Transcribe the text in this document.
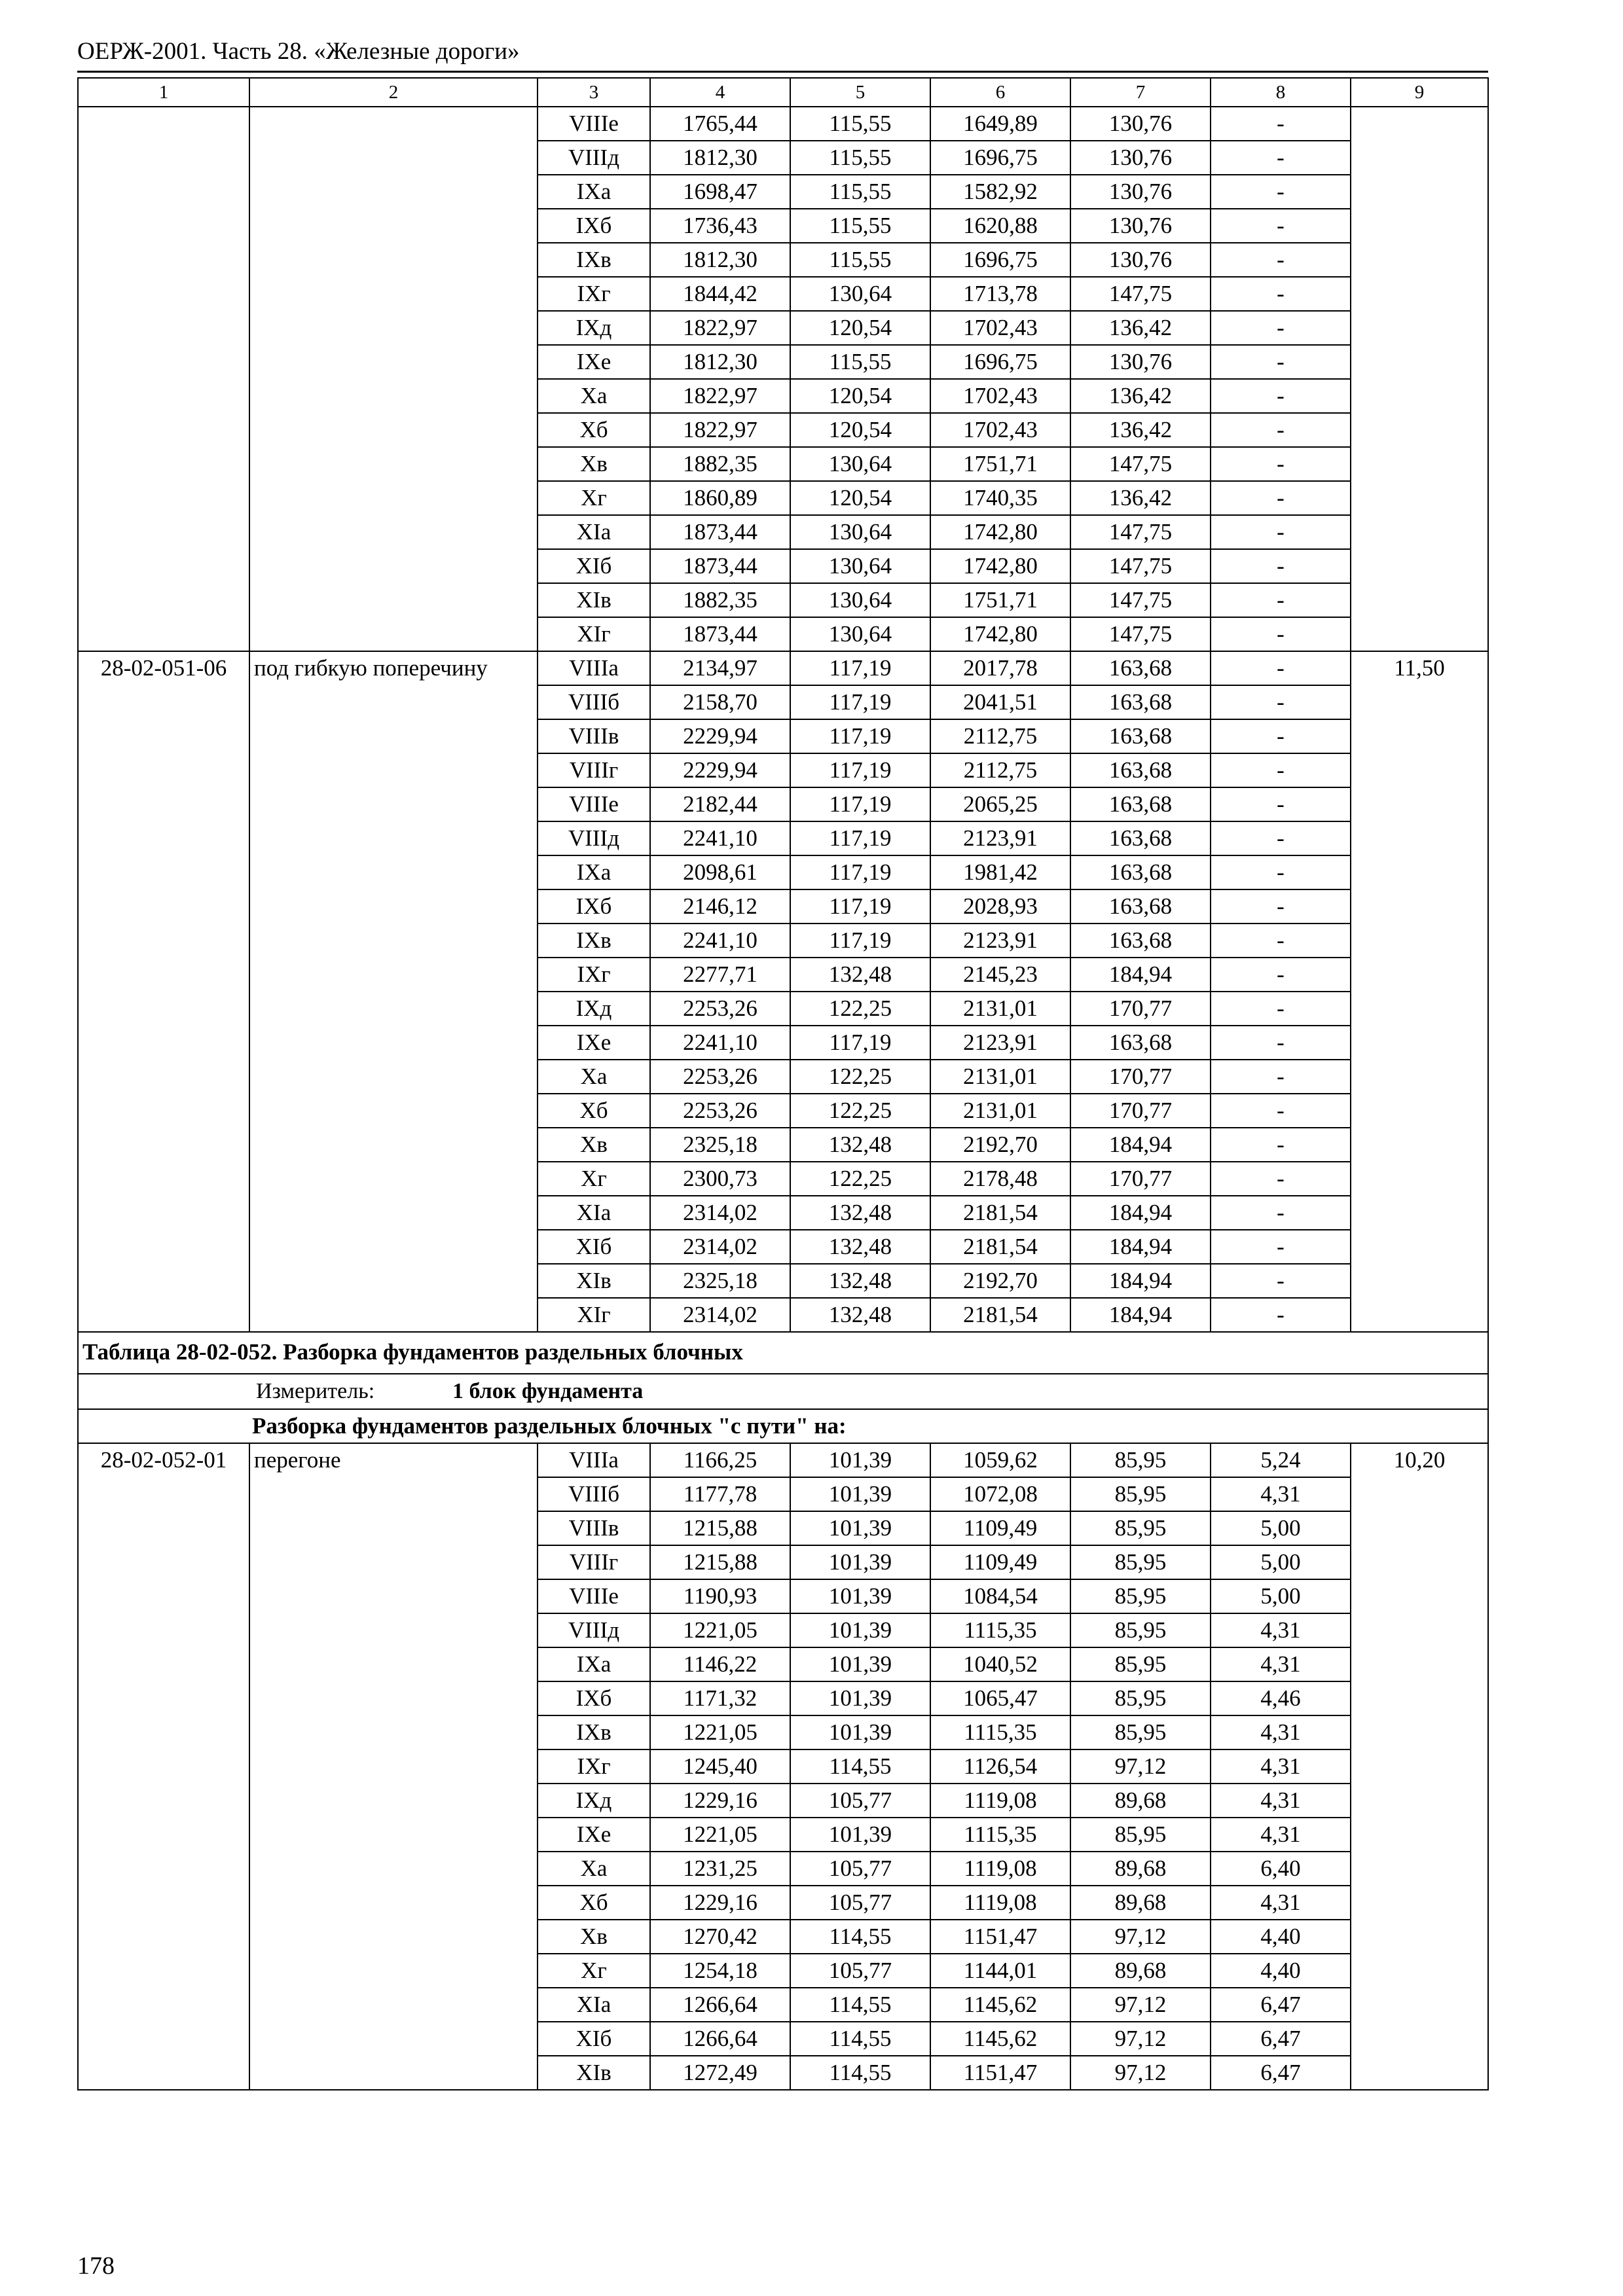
ОЕРЖ-2001. Часть 28. «Железные дороги»
1	2	3	4	5	6	7	8	9
		VIIIе	1765,44	115,55	1649,89	130,76	-	
		VIIIд	1812,30	115,55	1696,75	130,76	-	
		IXа	1698,47	115,55	1582,92	130,76	-	
		IXб	1736,43	115,55	1620,88	130,76	-	
		IXв	1812,30	115,55	1696,75	130,76	-	
		IXг	1844,42	130,64	1713,78	147,75	-	
		IXд	1822,97	120,54	1702,43	136,42	-	
		IXе	1812,30	115,55	1696,75	130,76	-	
		Xа	1822,97	120,54	1702,43	136,42	-	
		Xб	1822,97	120,54	1702,43	136,42	-	
		Xв	1882,35	130,64	1751,71	147,75	-	
		Xг	1860,89	120,54	1740,35	136,42	-	
		XIа	1873,44	130,64	1742,80	147,75	-	
		XIб	1873,44	130,64	1742,80	147,75	-	
		XIв	1882,35	130,64	1751,71	147,75	-	
		XIг	1873,44	130,64	1742,80	147,75	-	
28-02-051-06	под гибкую поперечину	VIIIа	2134,97	117,19	2017,78	163,68	-	11,50
		VIIIб	2158,70	117,19	2041,51	163,68	-	
		VIIIв	2229,94	117,19	2112,75	163,68	-	
		VIIIг	2229,94	117,19	2112,75	163,68	-	
		VIIIе	2182,44	117,19	2065,25	163,68	-	
		VIIIд	2241,10	117,19	2123,91	163,68	-	
		IXа	2098,61	117,19	1981,42	163,68	-	
		IXб	2146,12	117,19	2028,93	163,68	-	
		IXв	2241,10	117,19	2123,91	163,68	-	
		IXг	2277,71	132,48	2145,23	184,94	-	
		IXд	2253,26	122,25	2131,01	170,77	-	
		IXе	2241,10	117,19	2123,91	163,68	-	
		Xа	2253,26	122,25	2131,01	170,77	-	
		Xб	2253,26	122,25	2131,01	170,77	-	
		Xв	2325,18	132,48	2192,70	184,94	-	
		Xг	2300,73	122,25	2178,48	170,77	-	
		XIа	2314,02	132,48	2181,54	184,94	-	
		XIб	2314,02	132,48	2181,54	184,94	-	
		XIв	2325,18	132,48	2192,70	184,94	-	
		XIг	2314,02	132,48	2181,54	184,94	-	
Таблица 28-02-052. Разборка фундаментов раздельных блочных								
Измеритель: 1 блок фундамента								
Разборка фундаментов раздельных блочных "с пути" на:								
28-02-052-01	перегоне	VIIIа	1166,25	101,39	1059,62	85,95	5,24	10,20
		VIIIб	1177,78	101,39	1072,08	85,95	4,31	
		VIIIв	1215,88	101,39	1109,49	85,95	5,00	
		VIIIг	1215,88	101,39	1109,49	85,95	5,00	
		VIIIе	1190,93	101,39	1084,54	85,95	5,00	
		VIIIд	1221,05	101,39	1115,35	85,95	4,31	
		IXа	1146,22	101,39	1040,52	85,95	4,31	
		IXб	1171,32	101,39	1065,47	85,95	4,46	
		IXв	1221,05	101,39	1115,35	85,95	4,31	
		IXг	1245,40	114,55	1126,54	97,12	4,31	
		IXд	1229,16	105,77	1119,08	89,68	4,31	
		IXе	1221,05	101,39	1115,35	85,95	4,31	
		Xа	1231,25	105,77	1119,08	89,68	6,40	
		Xб	1229,16	105,77	1119,08	89,68	4,31	
		Xв	1270,42	114,55	1151,47	97,12	4,40	
		Xг	1254,18	105,77	1144,01	89,68	4,40	
		XIа	1266,64	114,55	1145,62	97,12	6,47	
		XIб	1266,64	114,55	1145,62	97,12	6,47	
		XIв	1272,49	114,55	1151,47	97,12	6,47	
178
